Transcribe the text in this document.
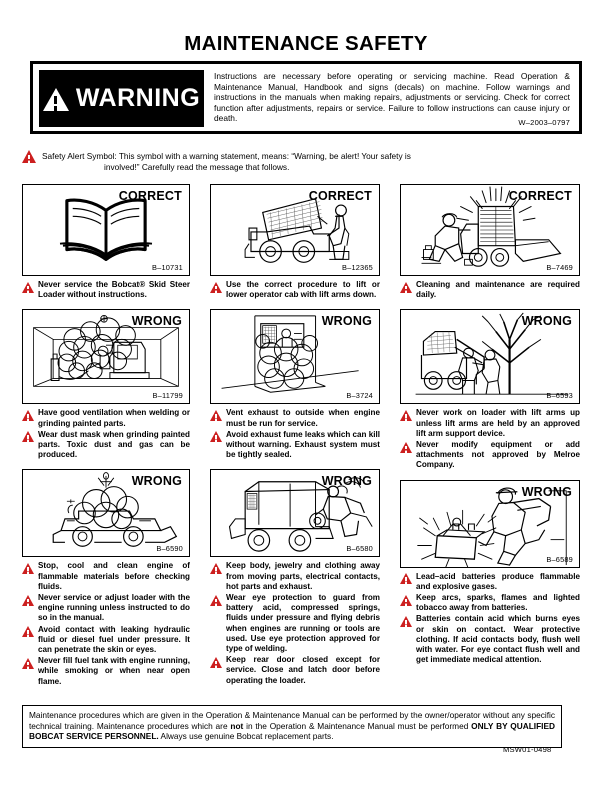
MAINTENANCE SAFETY
WARNING
Instructions are necessary before operating or servicing machine. Read Operation & Maintenance Manual, Handbook and signs (decals) on machine. Follow warnings and instructions in the manuals when making repairs, adjustments or servicing. Check for correct function after adjustments, repairs or service. Failure to follow instructions can cause injury or death.	W–2003–0797
Safety Alert Symbol: This symbol with a warning statement, means: “Warning, be alert! Your safety is
involved!” Carefully read the message that follows.
CORRECT
B–10731
Never service the Bobcat® Skid Steer Loader without instructions.
WRONG
B–11799
Have good ventilation when welding or grinding painted parts.
Wear dust mask when grinding painted parts. Toxic dust and gas can be produced.
WRONG
B–6590
Stop, cool and clean engine of flammable materials before checking fluids.
Never service or adjust loader with the engine running unless instructed to do so in the manual.
Avoid contact with leaking hydraulic fluid or diesel fuel under pressure. It can penetrate the skin or eyes.
Never fill fuel tank with engine running, while smoking or when near open flame.
CORRECT
B–12365
Use the correct procedure to lift or lower operator cab with lift arms down.
WRONG
B–3724
Vent exhaust to outside when engine must be run for service.
Avoid exhaust fume leaks which can kill without warning. Exhaust system must be tightly sealed.
WRONG
B–6580
Keep body, jewelry and clothing away from moving parts, electrical contacts, hot parts and exhaust.
Wear eye protection to guard from battery acid, compressed springs, fluids under pressure and flying debris when engines are running or tools are used. Use eye protection approved for type of welding.
Keep rear door closed except for service. Close and latch door before operating the loader.
CORRECT
B–7469
Cleaning and maintenance are required daily.
WRONG
B–6593
Never work on loader with lift arms up unless lift arms are held by an approved lift arm support device.
Never modify equipment or add attachments not approved by Melroe Company.
WRONG
B–6589
Lead–acid batteries produce flammable and explosive gases.
Keep arcs, sparks, flames and lighted tobacco away from batteries.
Batteries contain acid which burns eyes or skin on contact. Wear protective clothing. If acid contacts body, flush well with water. For eye contact flush well and get immediate medical attention.

Maintenance procedures which are given in the Operation & Maintenance Manual can be performed by the owner/operator without any specific technical training. Maintenance procedures which are not in the Operation & Maintenance Manual must be performed ONLY BY QUALIFIED BOBCAT SERVICE PERSONNEL. Always use genuine Bobcat replacement parts.

MSW01-0498
